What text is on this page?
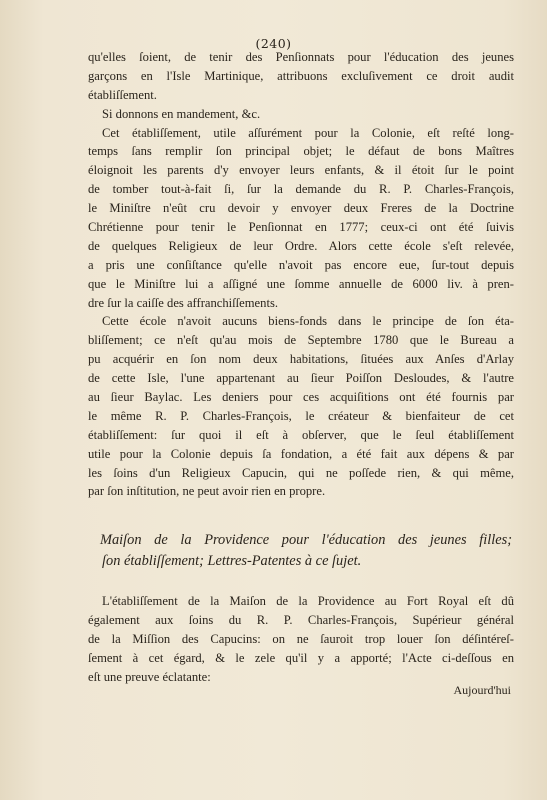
(240)
qu'elles ſoient, de tenir des Penſionnats pour l'éducation des jeunes
garçons en l'Isle Martinique, attribuons excluſivement ce droit audit
établiſſement.
Si donnons en mandement, &c.
Cet établiſſement, utile aſſurément pour la Colonie, eſt reſté long-
temps ſans remplir ſon principal objet; le défaut de bons Maîtres
éloignoit les parents d'y envoyer leurs enfants, & il étoit ſur le point
de tomber tout-à-fait ſi, ſur la demande du R. P. Charles-François,
le Miniſtre n'eût cru devoir y envoyer deux Freres de la Doctrine
Chrétienne pour tenir le Penſionnat en 1777; ceux-ci ont été ſuivis
de quelques Religieux de leur Ordre. Alors cette école s'eſt relevée,
a pris une conſiſtance qu'elle n'avoit pas encore eue, ſur-tout depuis
que le Miniſtre lui a aſſigné une ſomme annuelle de 6000 liv. à pren-
dre ſur la caiſſe des affranchiſſements.
Cette école n'avoit aucuns biens-fonds dans le principe de ſon éta-
bliſſement; ce n'eſt qu'au mois de Septembre 1780 que le Bureau a
pu acquérir en ſon nom deux habitations, ſituées aux Anſes d'Arlay
de cette Isle, l'une appartenant au ſieur Poiſſon Desloudes, & l'autre
au ſieur Baylac. Les deniers pour ces acquiſitions ont été fournis par
le même R. P. Charles-François, le créateur & bienfaiteur de cet
établiſſement: ſur quoi il eſt à obſerver, que le ſeul établiſſement
utile pour la Colonie depuis ſa fondation, a été fait aux dépens & par
les ſoins d'un Religieux Capucin, qui ne poſſede rien, & qui même,
par ſon inſtitution, ne peut avoir rien en propre.
Maiſon de la Providence pour l'éducation des jeunes filles;
ſon établiſſement; Lettres-Patentes à ce ſujet.
L'établiſſement de la Maiſon de la Providence au Fort Royal eſt dû
également aux ſoins du R. P. Charles-François, Supérieur général
de la Miſſion des Capucins: on ne ſauroit trop louer ſon déſintéreſ-
ſement à cet égard, & le zele qu'il y a apporté; l'Acte ci-deſſous en
eſt une preuve éclatante:
Aujourd'hui
